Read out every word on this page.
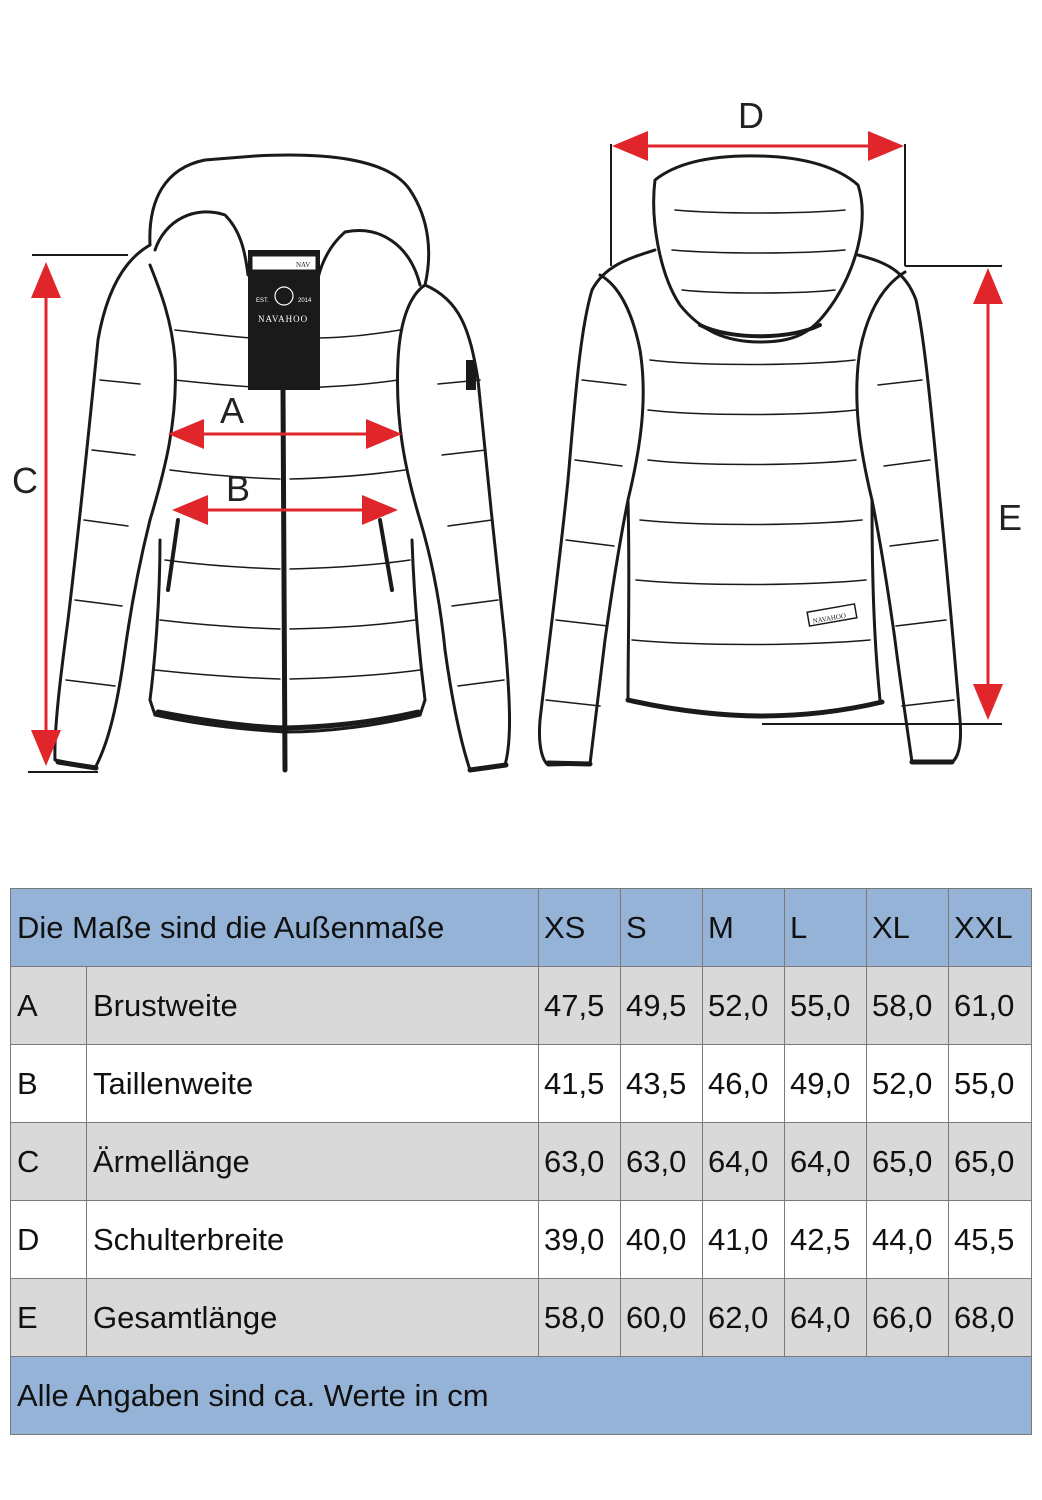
NAV
EST.	2014
NAVAHOO
NAVAHOO
C
A
B
D
E
Die Maße sind die Außenmaße		XS	S	M	L	XL	XXL
A	Brustweite	47,5	49,5	52,0	55,0	58,0	61,0
B	Taillenweite	41,5	43,5	46,0	49,0	52,0	55,0
C	Ärmellänge	63,0	63,0	64,0	64,0	65,0	65,0
D	Schulterbreite	39,0	40,0	41,0	42,5	44,0	45,5
E	Gesamtlänge	58,0	60,0	62,0	64,0	66,0	68,0
Alle Angaben sind ca. Werte in cm							
